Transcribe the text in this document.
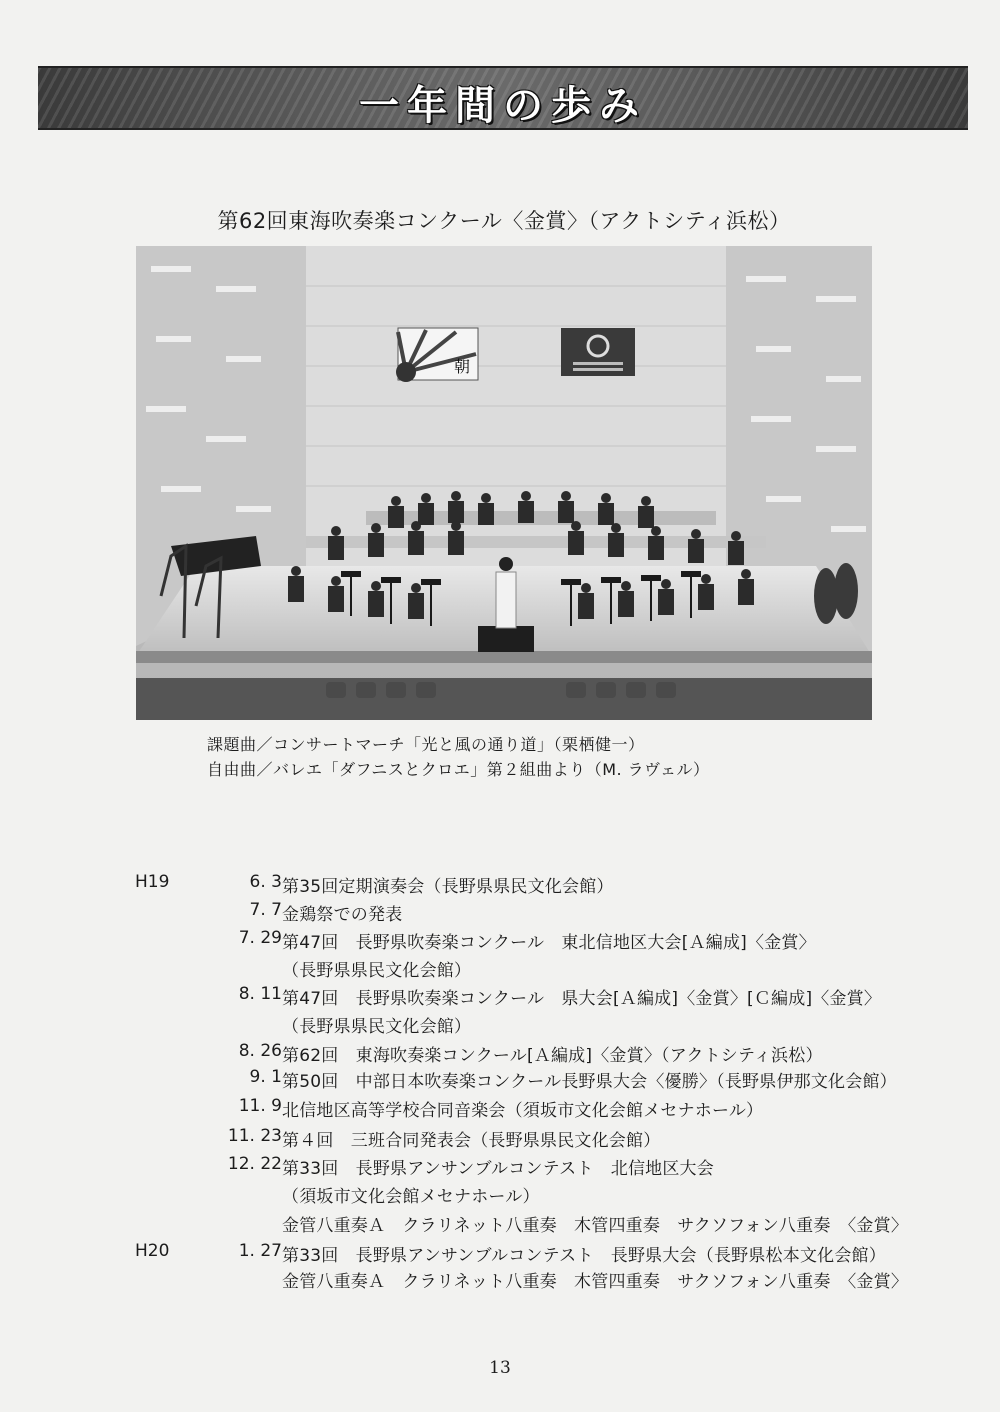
一年間の歩み
第62回東海吹奏楽コンクール〈金賞〉（アクトシティ浜松）
朝
課題曲／コンサートマーチ「光と風の通り道」（栗栖健一）
自由曲／バレエ「ダフニスとクロエ」第２組曲より（M. ラヴェル）
H19
H20
6. 3
7. 7
7. 29
8. 11
8. 26
9. 1
11. 9
11. 23
12. 22
1. 27
第35回定期演奏会（長野県県民文化会館）
金鶏祭での発表
第47回　長野県吹奏楽コンクール　東北信地区大会[Ａ編成]〈金賞〉
（長野県県民文化会館）
第47回　長野県吹奏楽コンクール　県大会[Ａ編成]〈金賞〉[Ｃ編成]〈金賞〉
（長野県県民文化会館）
第62回　東海吹奏楽コンクール[Ａ編成]〈金賞〉（アクトシティ浜松）
第50回　中部日本吹奏楽コンクール長野県大会〈優勝〉（長野県伊那文化会館）
北信地区高等学校合同音楽会（須坂市文化会館メセナホール）
第４回　三班合同発表会（長野県県民文化会館）
第33回　長野県アンサンブルコンテスト　北信地区大会
（須坂市文化会館メセナホール）
金管八重奏Ａ　クラリネット八重奏　木管四重奏　サクソフォン八重奏　〈金賞〉
第33回　長野県アンサンブルコンテスト　長野県大会（長野県松本文化会館）
金管八重奏Ａ　クラリネット八重奏　木管四重奏　サクソフォン八重奏　〈金賞〉
13
